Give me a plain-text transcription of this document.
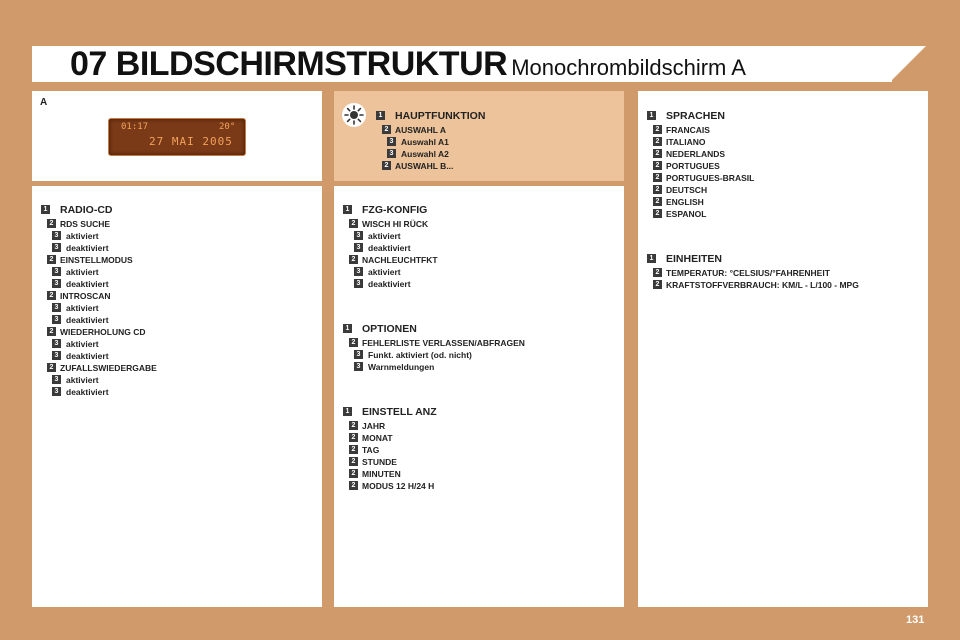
07 BILDSCHIRMSTRUKTUR Monochrombildschirm A
A
01:17	20°
27 MAI 2005
1 HAUPTFUNKTION
2 AUSWAHL A
3 Auswahl A1
3 Auswahl A2
2 AUSWAHL B...
1 RADIO-CD
2 RDS SUCHE
3 aktiviert
3 deaktiviert
2 EINSTELLMODUS
3 aktiviert
3 deaktiviert
2 INTROSCAN
3 aktiviert
3 deaktiviert
2 WIEDERHOLUNG CD
3 aktiviert
3 deaktiviert
2 ZUFALLSWIEDERGABE
3 aktiviert
3 deaktiviert
1 FZG-KONFIG
2 WISCH HI RÜCK
3 aktiviert
3 deaktiviert
2 NACHLEUCHTFKT
3 aktiviert
3 deaktiviert
1 OPTIONEN
2 FEHLERLISTE VERLASSEN/ABFRAGEN
3 Funkt. aktiviert (od. nicht)
3 Warnmeldungen
1 EINSTELL ANZ
2 JAHR
2 MONAT
2 TAG
2 STUNDE
2 MINUTEN
2 MODUS 12 H/24 H
1 SPRACHEN
2 FRANCAIS
2 ITALIANO
2 NEDERLANDS
2 PORTUGUES
2 PORTUGUES-BRASIL
2 DEUTSCH
2 ENGLISH
2 ESPANOL
1 EINHEITEN
2 TEMPERATUR: °CELSIUS/°FAHRENHEIT
2 KRAFTSTOFFVERBRAUCH: KM/L - L/100 - MPG
131
